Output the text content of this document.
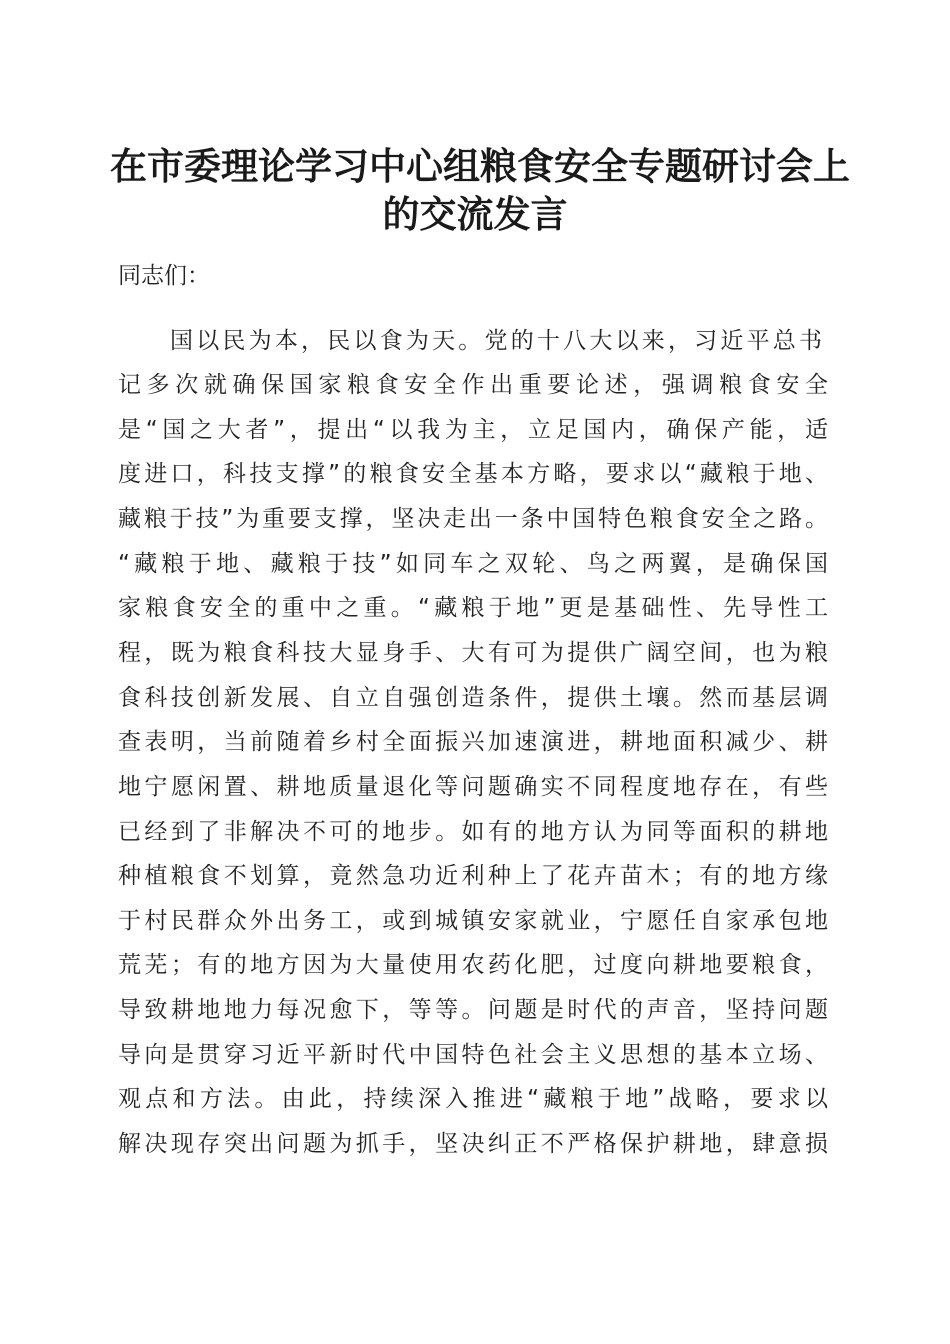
在市委理论学习中心组粮食安全专题研讨会上
的交流发言

同志们：

国以民为本，民以食为天。党的十八大以来，习近平总书

记多次就确保国家粮食安全作出重要论述，强调粮食安全

是“国之大者”，提出“以我为主，立足国内，确保产能，适

度进口，科技支撑”的粮食安全基本方略，要求以“藏粮于地、

藏粮于技”为重要支撑，坚决走出一条中国特色粮食安全之路。

“藏粮于地、藏粮于技”如同车之双轮、鸟之两翼，是确保国

家粮食安全的重中之重。“藏粮于地”更是基础性、先导性工

程，既为粮食科技大显身手、大有可为提供广阔空间，也为粮

食科技创新发展、自立自强创造条件，提供土壤。然而基层调

查表明，当前随着乡村全面振兴加速演进，耕地面积减少、耕

地宁愿闲置、耕地质量退化等问题确实不同程度地存在，有些

已经到了非解决不可的地步。如有的地方认为同等面积的耕地

种植粮食不划算，竟然急功近利种上了花卉苗木；有的地方缘

于村民群众外出务工，或到城镇安家就业，宁愿任自家承包地

荒芜；有的地方因为大量使用农药化肥，过度向耕地要粮食，

导致耕地地力每况愈下，等等。问题是时代的声音，坚持问题

导向是贯穿习近平新时代中国特色社会主义思想的基本立场、

观点和方法。由此，持续深入推进“藏粮于地”战略，要求以

解决现存突出问题为抓手，坚决纠正不严格保护耕地，肆意损
